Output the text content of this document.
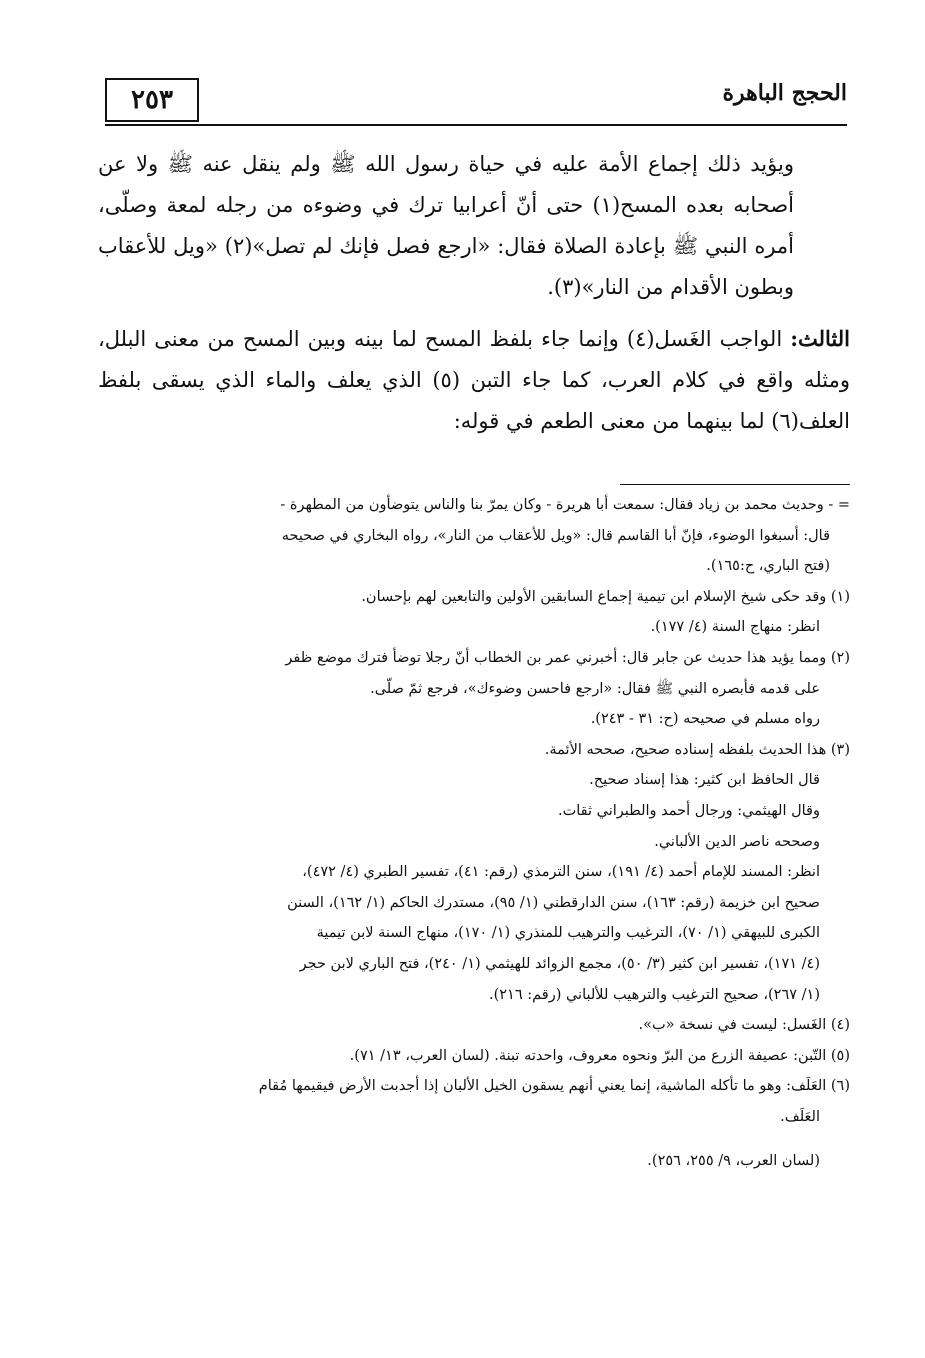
٢٥٣	الحجج الباهرة

ويؤيد ذلك إجماع الأمة عليه في حياة رسول الله ﷺ ولم ينقل عنه ﷺ ولا عن أصحابه بعده المسح(١) حتى أنّ أعرابيا ترك في وضوءه من رجله لمعة وصلّى، أمره النبي ﷺ بإعادة الصلاة فقال: «ارجع فصل فإنك لم تصل»(٢) «ويل للأعقاب وبطون الأقدام من النار»(٣).

الثالث: الواجب الغَسل(٤) وإنما جاء بلفظ المسح لما بينه وبين المسح من معنى البلل، ومثله واقع في كلام العرب، كما جاء التبن (٥) الذي يعلف والماء الذي يسقى بلفظ العلف(٦) لما بينهما من معنى الطعم في قوله:

= - وحديث محمد بن زياد فقال: سمعت أبا هريرة - وكان يمرّ بنا والناس يتوضأون من المطهرة -
قال: أسبغوا الوضوء، فإنّ أبا القاسم قال: «ويل للأعقاب من النار»، رواه البخاري في صحيحه
(فتح الباري، ح:١٦٥).
(١) وقد حكى شيخ الإسلام ابن تيمية إجماع السابقين الأولين والتابعين لهم بإحسان.
انظر: منهاج السنة (٤/ ١٧٧).
(٢) ومما يؤيد هذا حديث عن جابر قال: أخبرني عمر بن الخطاب أنّ رجلا توضأ فترك موضع ظفر
على قدمه فأبصره النبي ﷺ فقال: «ارجع فاحسن وضوءك»، فرجع ثمّ صلّى.
رواه مسلم في صحيحه (ح: ٣١ - ٢٤٣).
(٣) هذا الحديث بلفظه إسناده صحيح، صححه الأئمة.
قال الحافظ ابن كثير: هذا إسناد صحيح.
وقال الهيثمي: ورجال أحمد والطبراني ثقات.
وصححه ناصر الدين الألباني.
انظر: المسند للإمام أحمد (٤/ ١٩١)، سنن الترمذي (رقم: ٤١)، تفسير الطبري (٤/ ٤٧٢)،
صحيح ابن خزيمة (رقم: ١٦٣)، سنن الدارقطني (١/ ٩٥)، مستدرك الحاكم (١/ ١٦٢)، السنن
الكبرى للبيهقي (١/ ٧٠)، الترغيب والترهيب للمنذري (١/ ١٧٠)، منهاج السنة لابن تيمية
(٤/ ١٧١)، تفسير ابن كثير (٣/ ٥٠)، مجمع الزوائد للهيثمي (١/ ٢٤٠)، فتح الباري لابن حجر
(١/ ٢٦٧)، صحيح الترغيب والترهيب للألباني (رقم: ٢١٦).
(٤) الغَسل: ليست في نسخة «ب».
(٥) التّبن: عصيفة الزرع من البرّ ونحوه معروف، واحدته تبنة. (لسان العرب، ١٣/ ٧١).
(٦) العَلَف: وهو ما تأكله الماشية، إنما يعني أنهم يسقون الخيل الألبان إذا أجدبت الأرض فيقيمها مُقام
العَلَف.
(لسان العرب، ٩/ ٢٥٥، ٢٥٦).
